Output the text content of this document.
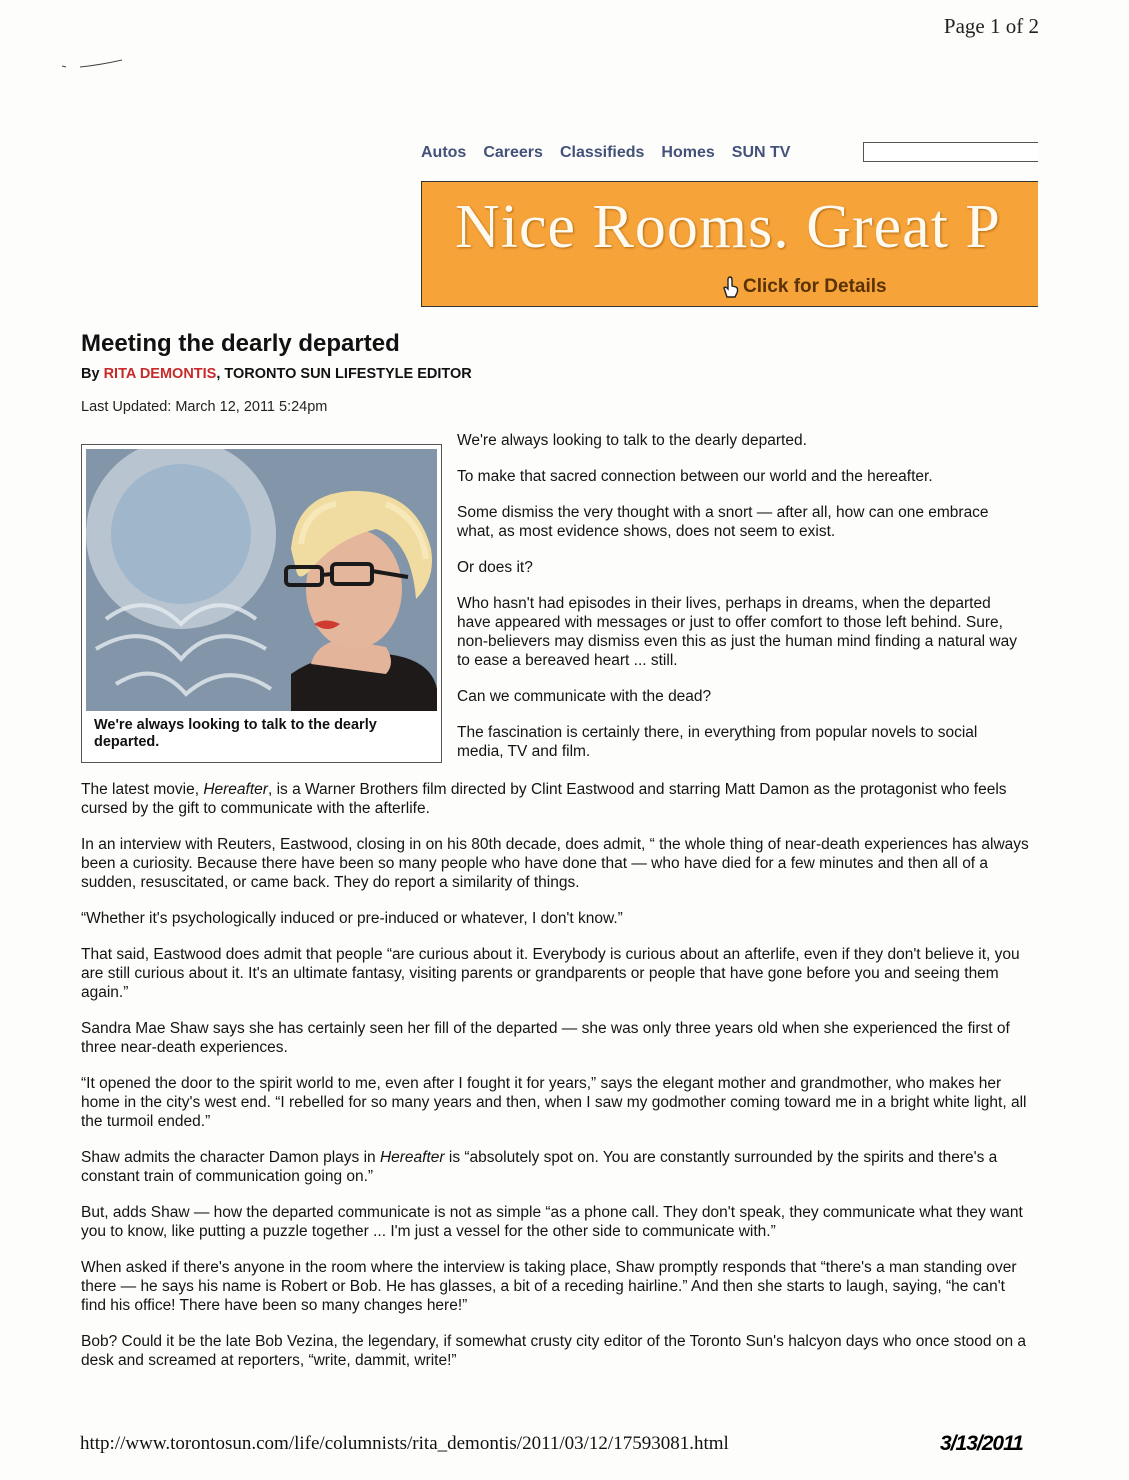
Page 1 of 2
Autos Careers Classifieds Homes SUN TV
Nice Rooms. Great P
Click for Details
Meeting the dearly departed
By RITA DEMONTIS, TORONTO SUN LIFESTYLE EDITOR
Last Updated: March 12, 2011 5:24pm
We're always looking to talk to the dearly departed.

We're always looking to talk to the dearly departed.

To make that sacred connection between our world and the hereafter.

Some dismiss the very thought with a snort — after all, how can one embrace what, as most evidence shows, does not seem to exist.

Or does it?

Who hasn't had episodes in their lives, perhaps in dreams, when the departed have appeared with messages or just to offer comfort to those left behind. Sure, non-believers may dismiss even this as just the human mind finding a natural way to ease a bereaved heart ... still.

Can we communicate with the dead?

The fascination is certainly there, in everything from popular novels to social media, TV and film.

The latest movie, Hereafter, is a Warner Brothers film directed by Clint Eastwood and starring Matt Damon as the protagonist who feels cursed by the gift to communicate with the afterlife.

In an interview with Reuters, Eastwood, closing in on his 80th decade, does admit, “ the whole thing of near-death experiences has always been a curiosity. Because there have been so many people who have done that — who have died for a few minutes and then all of a sudden, resuscitated, or came back. They do report a similarity of things.

“Whether it's psychologically induced or pre-induced or whatever, I don't know.”

That said, Eastwood does admit that people “are curious about it. Everybody is curious about an afterlife, even if they don't believe it, you are still curious about it. It's an ultimate fantasy, visiting parents or grandparents or people that have gone before you and seeing them again.”

Sandra Mae Shaw says she has certainly seen her fill of the departed — she was only three years old when she experienced the first of three near-death experiences.

“It opened the door to the spirit world to me, even after I fought it for years,” says the elegant mother and grandmother, who makes her home in the city's west end. “I rebelled for so many years and then, when I saw my godmother coming toward me in a bright white light, all the turmoil ended.”

Shaw admits the character Damon plays in Hereafter is “absolutely spot on. You are constantly surrounded by the spirits and there's a constant train of communication going on.”

But, adds Shaw — how the departed communicate is not as simple “as a phone call. They don't speak, they communicate what they want you to know, like putting a puzzle together ... I'm just a vessel for the other side to communicate with.”

When asked if there's anyone in the room where the interview is taking place, Shaw promptly responds that “there's a man standing over there — he says his name is Robert or Bob. He has glasses, a bit of a receding hairline.” And then she starts to laugh, saying, “he can't find his office! There have been so many changes here!”

Bob? Could it be the late Bob Vezina, the legendary, if somewhat crusty city editor of the Toronto Sun's halcyon days who once stood on a desk and screamed at reporters, “write, dammit, write!”

http://www.torontosun.com/life/columnists/rita_demontis/2011/03/12/17593081.html	3/13/2011
